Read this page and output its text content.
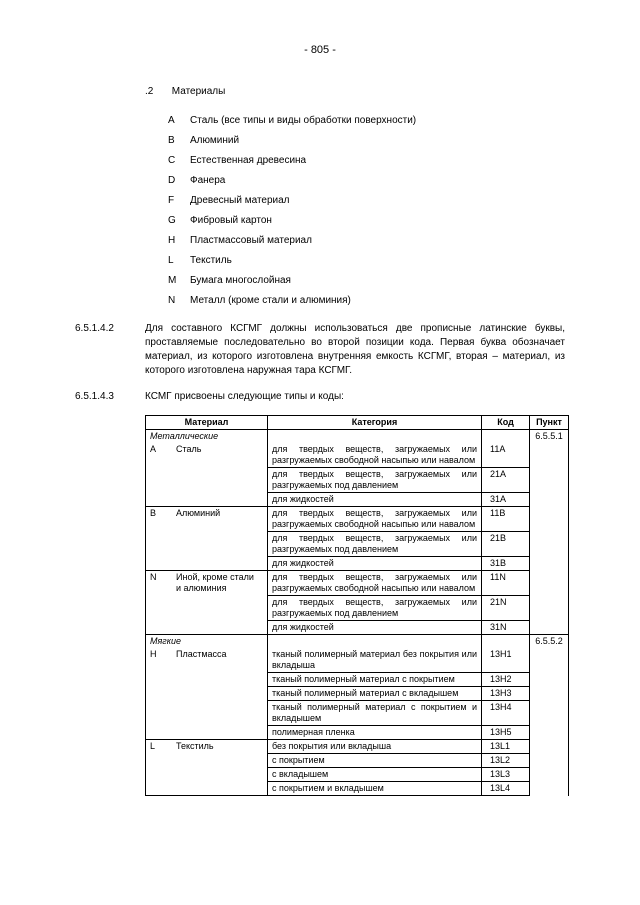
- 805 -
.2 Материалы
A Сталь (все типы и виды обработки поверхности)
B Алюминий
C Естественная древесина
D Фанера
F Древесный материал
G Фибровый картон
H Пластмассовый материал
L Текстиль
M Бумага многослойная
N Металл (кроме стали и алюминия)
6.5.1.4.2	Для составного КСГМГ должны использоваться две прописные латинские буквы, проставляемые последовательно во второй позиции кода. Первая буква обозначает материал, из которого изготовлена внутренняя емкость КСГМГ, вторая – материал, из которого изготовлена наружная тара КСГМГ.

6.5.1.4.3	КСМГ присвоены следующие типы и коды:

Материал	Категория	Код	Пункт
Металлические			6.5.5.1
A Сталь	для твердых веществ, загружаемых или разгружаемых свободной насыпью или навалом	11A	
	для твердых веществ, загружаемых или разгружаемых под давлением	21A	
	для жидкостей	31A	
B Алюминий	для твердых веществ, загружаемых или разгружаемых свободной насыпью или навалом	11B	
	для твердых веществ, загружаемых или разгружаемых под давлением	21B	
	для жидкостей	31B	
N Иной, кроме стали и алюминия	для твердых веществ, загружаемых или разгружаемых свободной насыпью или навалом	11N	
	для твердых веществ, загружаемых или разгружаемых под давлением	21N	
	для жидкостей	31N	
Мягкие			6.5.5.2
H Пластмасса	тканый полимерный материал без покрытия или вкладыша	13H1	
	тканый полимерный материал с покрытием	13H2	
	тканый полимерный материал с вкладышем	13H3	
	тканый полимерный материал с покрытием и вкладышем	13H4	
	полимерная пленка	13H5	
L Текстиль	без покрытия или вкладыша	13L1	
	с покрытием	13L2	
	с вкладышем	13L3	
	с покрытием и вкладышем	13L4	
